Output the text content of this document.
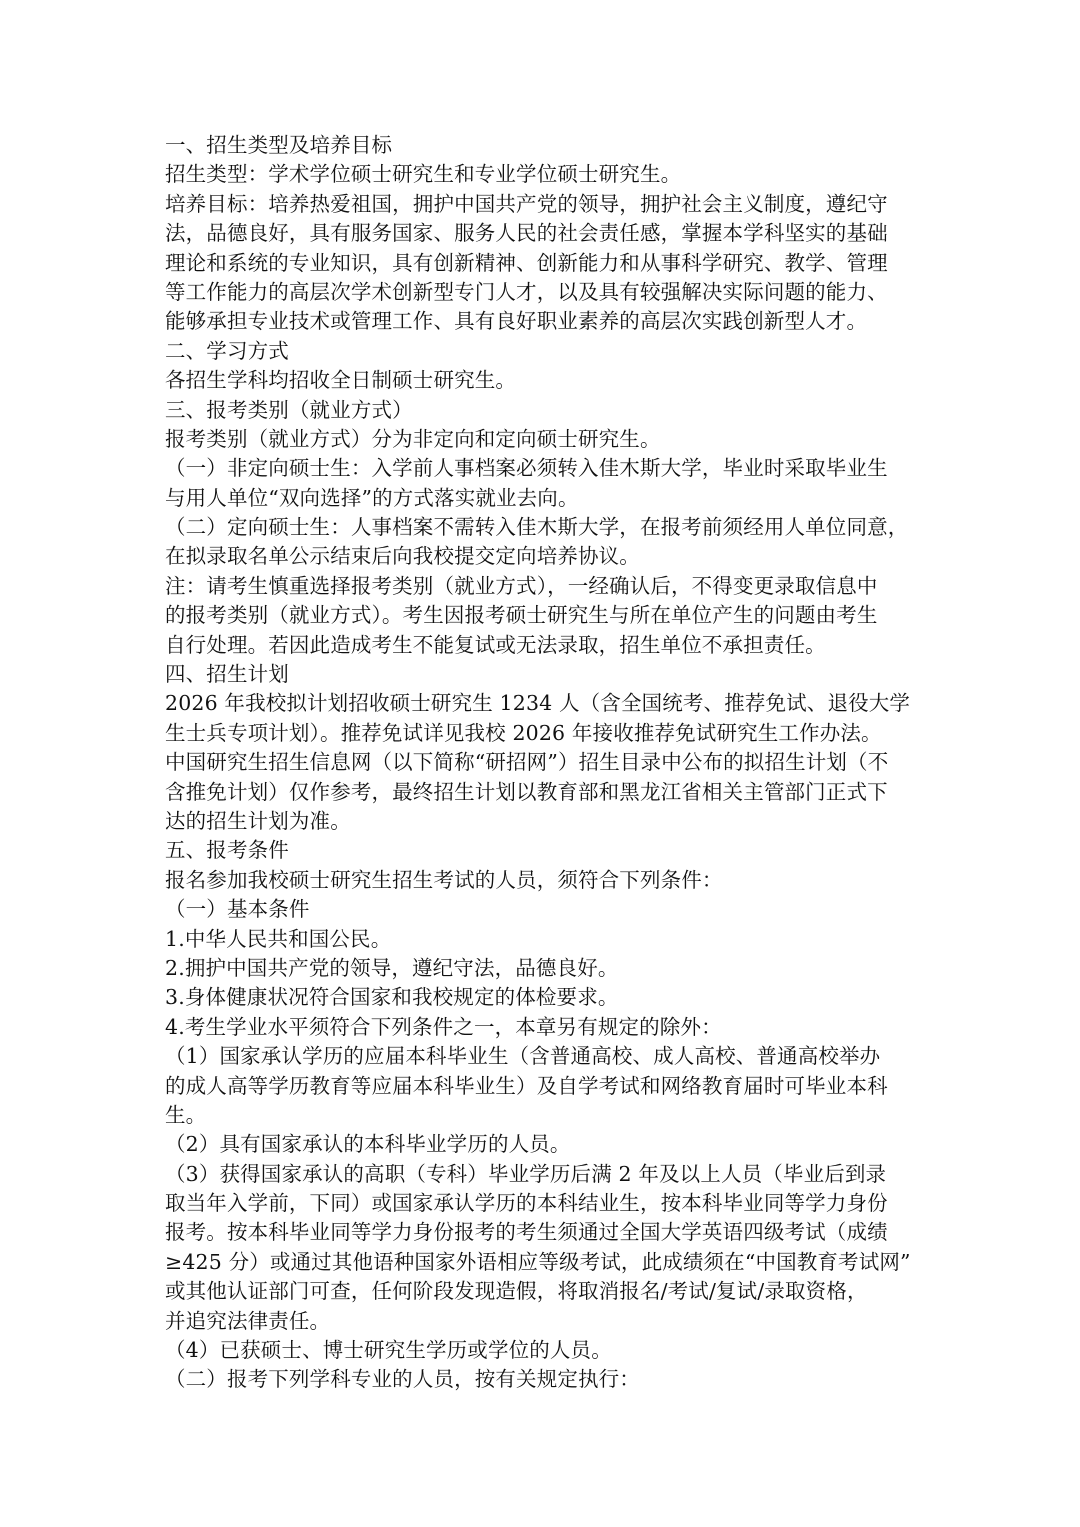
一、招生类型及培养目标
招生类型：学术学位硕士研究生和专业学位硕士研究生。
培养目标：培养热爱祖国，拥护中国共产党的领导，拥护社会主义制度，遵纪守
法，品德良好，具有服务国家、服务人民的社会责任感，掌握本学科坚实的基础
理论和系统的专业知识，具有创新精神、创新能力和从事科学研究、教学、管理
等工作能力的高层次学术创新型专门人才，以及具有较强解决实际问题的能力、
能够承担专业技术或管理工作、具有良好职业素养的高层次实践创新型人才。
二、学习方式
各招生学科均招收全日制硕士研究生。
三、报考类别（就业方式）
报考类别（就业方式）分为非定向和定向硕士研究生。
（一）非定向硕士生：入学前人事档案必须转入佳木斯大学，毕业时采取毕业生
与用人单位“双向选择”的方式落实就业去向。
（二）定向硕士生：人事档案不需转入佳木斯大学，在报考前须经用人单位同意，
在拟录取名单公示结束后向我校提交定向培养协议。
注：请考生慎重选择报考类别（就业方式），一经确认后，不得变更录取信息中
的报考类别（就业方式）。考生因报考硕士研究生与所在单位产生的问题由考生
自行处理。若因此造成考生不能复试或无法录取，招生单位不承担责任。
四、招生计划
2026 年我校拟计划招收硕士研究生 1234 人（含全国统考、推荐免试、退役大学
生士兵专项计划）。推荐免试详见我校 2026 年接收推荐免试研究生工作办法。
中国研究生招生信息网（以下简称“研招网”）招生目录中公布的拟招生计划（不
含推免计划）仅作参考，最终招生计划以教育部和黑龙江省相关主管部门正式下
达的招生计划为准。
五、报考条件
报名参加我校硕士研究生招生考试的人员，须符合下列条件：
（一）基本条件
1.中华人民共和国公民。
2.拥护中国共产党的领导，遵纪守法，品德良好。
3.身体健康状况符合国家和我校规定的体检要求。
4.考生学业水平须符合下列条件之一，本章另有规定的除外：
（1）国家承认学历的应届本科毕业生（含普通高校、成人高校、普通高校举办
的成人高等学历教育等应届本科毕业生）及自学考试和网络教育届时可毕业本科
生。
（2）具有国家承认的本科毕业学历的人员。
（3）获得国家承认的高职（专科）毕业学历后满 2 年及以上人员（毕业后到录
取当年入学前，下同）或国家承认学历的本科结业生，按本科毕业同等学力身份
报考。按本科毕业同等学力身份报考的考生须通过全国大学英语四级考试（成绩
≥425 分）或通过其他语种国家外语相应等级考试，此成绩须在“中国教育考试网”
或其他认证部门可查，任何阶段发现造假，将取消报名/考试/复试/录取资格，
并追究法律责任。
（4）已获硕士、博士研究生学历或学位的人员。
（二）报考下列学科专业的人员，按有关规定执行：
